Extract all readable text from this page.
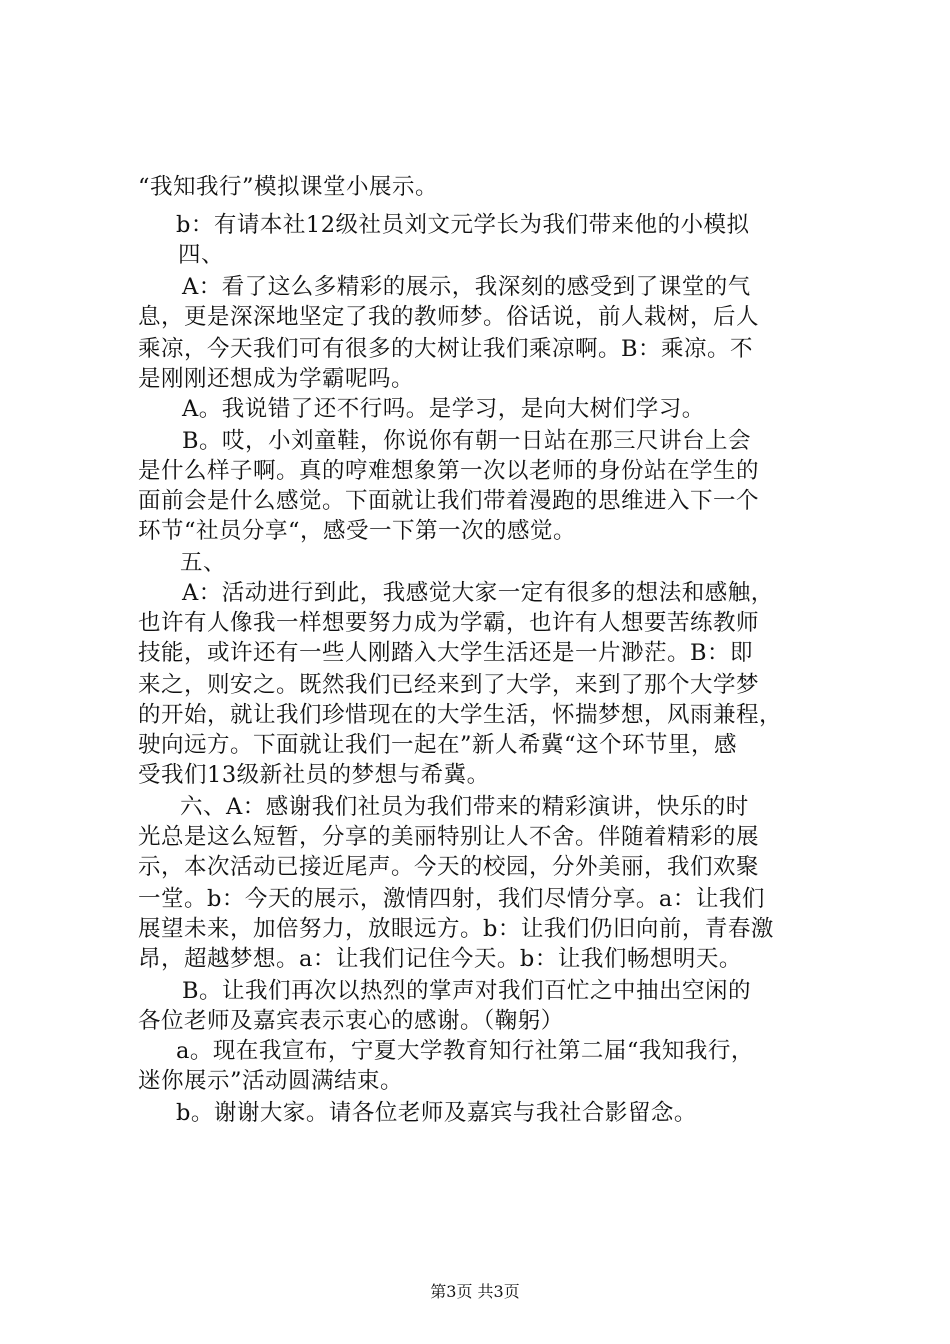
“我知我行”模拟课堂小展示。
b：有请本社12级社员刘文元学长为我们带来他的小模拟
四、
A：看了这么多精彩的展示，我深刻的感受到了课堂的气
息，更是深深地坚定了我的教师梦。俗话说，前人栽树，后人
乘凉，今天我们可有很多的大树让我们乘凉啊。B：乘凉。不
是刚刚还想成为学霸呢吗。
A。我说错了还不行吗。是学习，是向大树们学习。
B。哎，小刘童鞋，你说你有朝一日站在那三尺讲台上会
是什么样子啊。真的哼难想象第一次以老师的身份站在学生的
面前会是什么感觉。下面就让我们带着漫跑的思维进入下一个
环节“社员分享“，感受一下第一次的感觉。
五、
A：活动进行到此，我感觉大家一定有很多的想法和感触，
也许有人像我一样想要努力成为学霸，也许有人想要苦练教师
技能，或许还有一些人刚踏入大学生活还是一片渺茫。B：即
来之，则安之。既然我们已经来到了大学，来到了那个大学梦
的开始，就让我们珍惜现在的大学生活，怀揣梦想，风雨兼程，
驶向远方。下面就让我们一起在”新人希冀“这个环节里，感
受我们13级新社员的梦想与希冀。
六、A：感谢我们社员为我们带来的精彩演讲，快乐的时
光总是这么短暂，分享的美丽特别让人不舍。伴随着精彩的展
示，本次活动已接近尾声。今天的校园，分外美丽，我们欢聚
一堂。b：今天的展示，激情四射，我们尽情分享。a：让我们
展望未来，加倍努力，放眼远方。b：让我们仍旧向前，青春激
昂，超越梦想。a：让我们记住今天。b：让我们畅想明天。
B。让我们再次以热烈的掌声对我们百忙之中抽出空闲的
各位老师及嘉宾表示衷心的感谢。（鞠躬）
a。现在我宣布，宁夏大学教育知行社第二届“我知我行，
迷你展示”活动圆满结束。
b。谢谢大家。请各位老师及嘉宾与我社合影留念。
第3页 共3页
